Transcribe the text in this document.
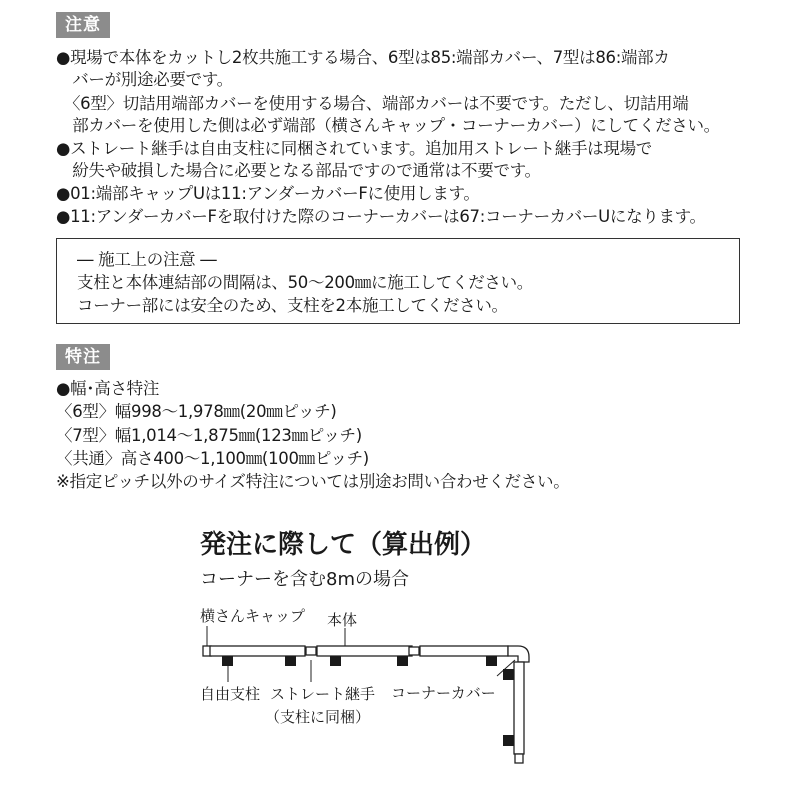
注意
●現場で本体をカットし2枚共施工する場合、6型は85:端部カバー、7型は86:端部カ
　バーが別途必要です。
　〈6型〉切詰用端部カバーを使用する場合、端部カバーは不要です。ただし、切詰用端
　部カバーを使用した側は必ず端部（横さんキャップ・コーナーカバー）にしてください。
●ストレート継手は自由支柱に同梱されています。追加用ストレート継手は現場で
　紛失や破損した場合に必要となる部品ですので通常は不要です。
●01:端部キャップUは11:アンダーカバーFに使用します。
●11:アンダーカバーFを取付けた際のコーナーカバーは67:コーナーカバーUになります。
― 施工上の注意 ―
支柱と本体連結部の間隔は、50～200㎜に施工してください。
コーナー部には安全のため、支柱を2本施工してください。
特注
●幅･高さ特注
〈6型〉幅998～1,978㎜(20㎜ピッチ)
〈7型〉幅1,014～1,875㎜(123㎜ピッチ)
〈共通〉高さ400～1,100㎜(100㎜ピッチ)
※指定ピッチ以外のサイズ特注については別途お問い合わせください。
発注に際して（算出例）
コーナーを含む8mの場合
横さんキャップ 本体
自由支柱 ストレート継手
（支柱に同梱）
コーナーカバー
